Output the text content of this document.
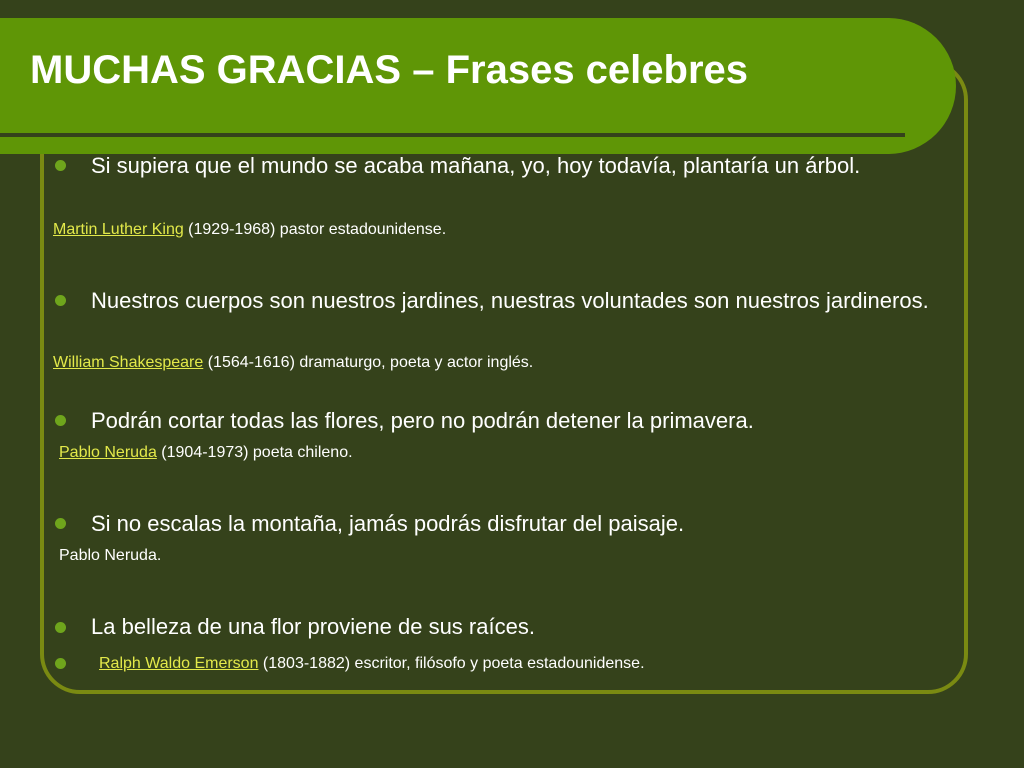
MUCHAS GRACIAS – Frases celebres

Si supiera que el mundo se acaba mañana, yo, hoy todavía, plantaría un árbol.

Martin Luther King (1929-1968) pastor estadounidense.

Nuestros cuerpos son nuestros jardines, nuestras voluntades son nuestros jardineros.

William Shakespeare (1564-1616) dramaturgo, poeta y actor inglés.

Podrán cortar todas las flores, pero no podrán detener la primavera.

Pablo Neruda (1904-1973) poeta chileno.

Si no escalas la montaña, jamás podrás disfrutar del paisaje.

Pablo Neruda.

La belleza de una flor proviene de sus raíces.

Ralph Waldo Emerson (1803-1882) escritor, filósofo y poeta estadounidense.
